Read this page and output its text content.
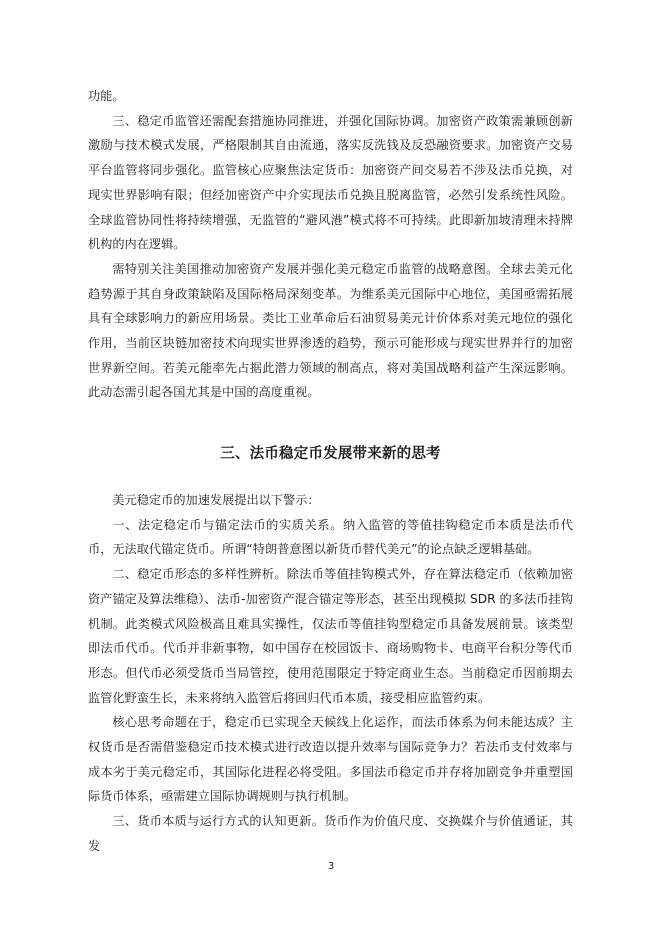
功能。

三、稳定币监管还需配套措施协同推进，并强化国际协调。加密资产政策需兼顾创新激励与技术模式发展，严格限制其自由流通，落实反洗钱及反恐融资要求。加密资产交易平台监管将同步强化。监管核心应聚焦法定货币：加密资产间交易若不涉及法币兑换，对现实世界影响有限；但经加密资产中介实现法币兑换且脱离监管，必然引发系统性风险。全球监管协同性将持续增强，无监管的“避风港”模式将不可持续。此即新加坡清理未持牌机构的内在逻辑。

需特别关注美国推动加密资产发展并强化美元稳定币监管的战略意图。全球去美元化趋势源于其自身政策缺陷及国际格局深刻变革。为维系美元国际中心地位，美国亟需拓展具有全球影响力的新应用场景。类比工业革命后石油贸易美元计价体系对美元地位的强化作用，当前区块链加密技术向现实世界渗透的趋势，预示可能形成与现实世界并行的加密世界新空间。若美元能率先占据此潜力领域的制高点，将对美国战略利益产生深远影响。此动态需引起各国尤其是中国的高度重视。

三、法币稳定币发展带来新的思考

美元稳定币的加速发展提出以下警示：

一、法定稳定币与锚定法币的实质关系。纳入监管的等值挂钩稳定币本质是法币代币，无法取代锚定货币。所谓“特朗普意图以新货币替代美元”的论点缺乏逻辑基础。

二、稳定币形态的多样性辨析。除法币等值挂钩模式外，存在算法稳定币（依赖加密资产锚定及算法维稳）、法币-加密资产混合锚定等形态，甚至出现模拟 SDR 的多法币挂钩机制。此类模式风险极高且难具实操性，仅法币等值挂钩型稳定币具备发展前景。该类型即法币代币。代币并非新事物，如中国存在校园饭卡、商场购物卡、电商平台积分等代币形态。但代币必须受货币当局管控，使用范围限定于特定商业生态。当前稳定币因前期去监管化野蛮生长，未来将纳入监管后将回归代币本质，接受相应监管约束。

核心思考命题在于，稳定币已实现全天候线上化运作，而法币体系为何未能达成？主权货币是否需借鉴稳定币技术模式进行改造以提升效率与国际竞争力？若法币支付效率与成本劣于美元稳定币，其国际化进程必将受阻。多国法币稳定币并存将加剧竞争并重塑国际货币体系，亟需建立国际协调规则与执行机制。

三、货币本质与运行方式的认知更新。货币作为价值尺度、交换媒介与价值通证，其发

3
